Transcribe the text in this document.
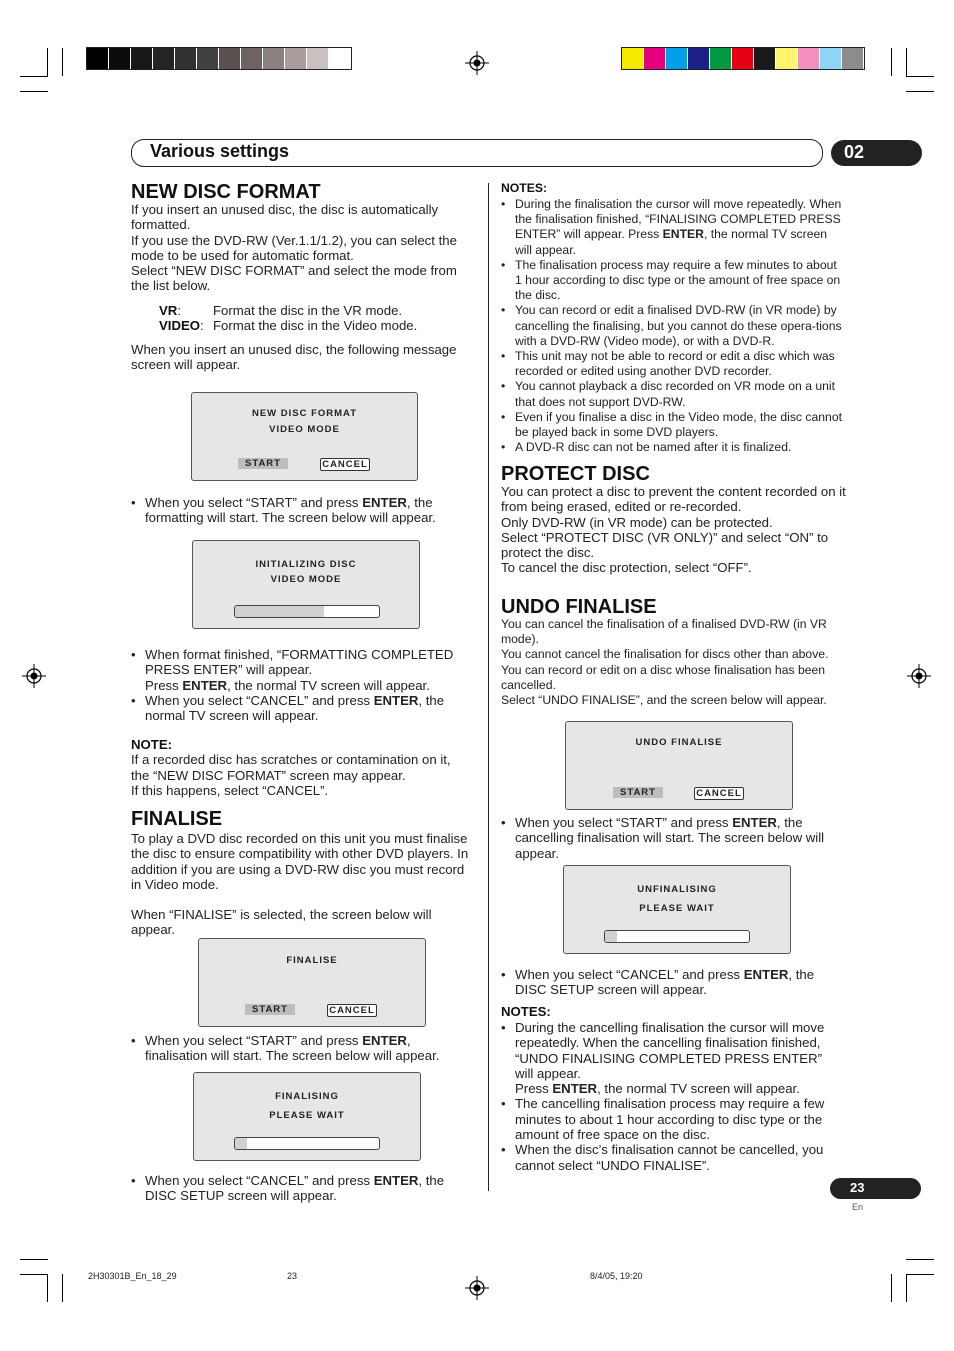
Various settings	02
NEW DISC FORMAT
If you insert an unused disc, the disc is automatically formatted.
If you use the DVD-RW (Ver.1.1/1.2), you can select the mode to be used for automatic format.
Select “NEW DISC FORMAT” and select the mode from the list below.
VR: Format the disc in the VR mode.
VIDEO: Format the disc in the Video mode.
When you insert an unused disc, the following message screen will appear.
NEW DISC FORMAT
VIDEO MODE
START	CANCEL
• When you select “START” and press ENTER, the formatting will start. The screen below will appear.
INITIALIZING DISC
VIDEO MODE
• When format finished, “FORMATTING COMPLETED PRESS ENTER” will appear.
Press ENTER, the normal TV screen will appear.
• When you select “CANCEL” and press ENTER, the normal TV screen will appear.
NOTE:
If a recorded disc has scratches or contamination on it, the “NEW DISC FORMAT” screen may appear.
If this happens, select “CANCEL”.
FINALISE
To play a DVD disc recorded on this unit you must finalise the disc to ensure compatibility with other DVD players. In addition if you are using a DVD-RW disc you must record in Video mode.
When “FINALISE” is selected, the screen below will appear.
FINALISE
START	CANCEL
• When you select “START” and press ENTER, finalisation will start. The screen below will appear.
FINALISING
PLEASE WAIT
• When you select “CANCEL” and press ENTER, the DISC SETUP screen will appear.
NOTES:
• During the finalisation the cursor will move repeatedly. When the finalisation finished, “FINALISING COMPLETED PRESS ENTER” will appear. Press ENTER, the normal TV screen will appear.
• The finalisation process may require a few minutes to about 1 hour according to disc type or the amount of free space on the disc.
• You can record or edit a finalised DVD-RW (in VR mode) by cancelling the finalising, but you cannot do these opera-tions with a DVD-RW (Video mode), or with a DVD-R.
• This unit may not be able to record or edit a disc which was recorded or edited using another DVD recorder.
• You cannot playback a disc recorded on VR mode on a unit that does not support DVD-RW.
• Even if you finalise a disc in the Video mode, the disc cannot be played back in some DVD players.
• A DVD-R disc can not be named after it is finalized.
PROTECT DISC
You can protect a disc to prevent the content recorded on it from being erased, edited or re-recorded.
Only DVD-RW (in VR mode) can be protected.
Select “PROTECT DISC (VR ONLY)” and select “ON” to protect the disc.
To cancel the disc protection, select “OFF”.
UNDO FINALISE
You can cancel the finalisation of a finalised DVD-RW (in VR mode).
You cannot cancel the finalisation for discs other than above.
You can record or edit on a disc whose finalisation has been cancelled.
Select “UNDO FINALISE”, and the screen below will appear.
UNDO FINALISE
START	CANCEL
• When you select “START” and press ENTER, the cancelling finalisation will start. The screen below will appear.
UNFINALISING
PLEASE WAIT
• When you select “CANCEL” and press ENTER, the DISC SETUP screen will appear.
NOTES:
• During the cancelling finalisation the cursor will move repeatedly. When the cancelling finalisation finished, “UNDO FINALISING COMPLETED PRESS ENTER” will appear.
Press ENTER, the normal TV screen will appear.
• The cancelling finalisation process may require a few minutes to about 1 hour according to disc type or the amount of free space on the disc.
• When the disc’s finalisation cannot be cancelled, you cannot select “UNDO FINALISE”.
23
En
2H30301B_En_18_29	23	8/4/05, 19:20
